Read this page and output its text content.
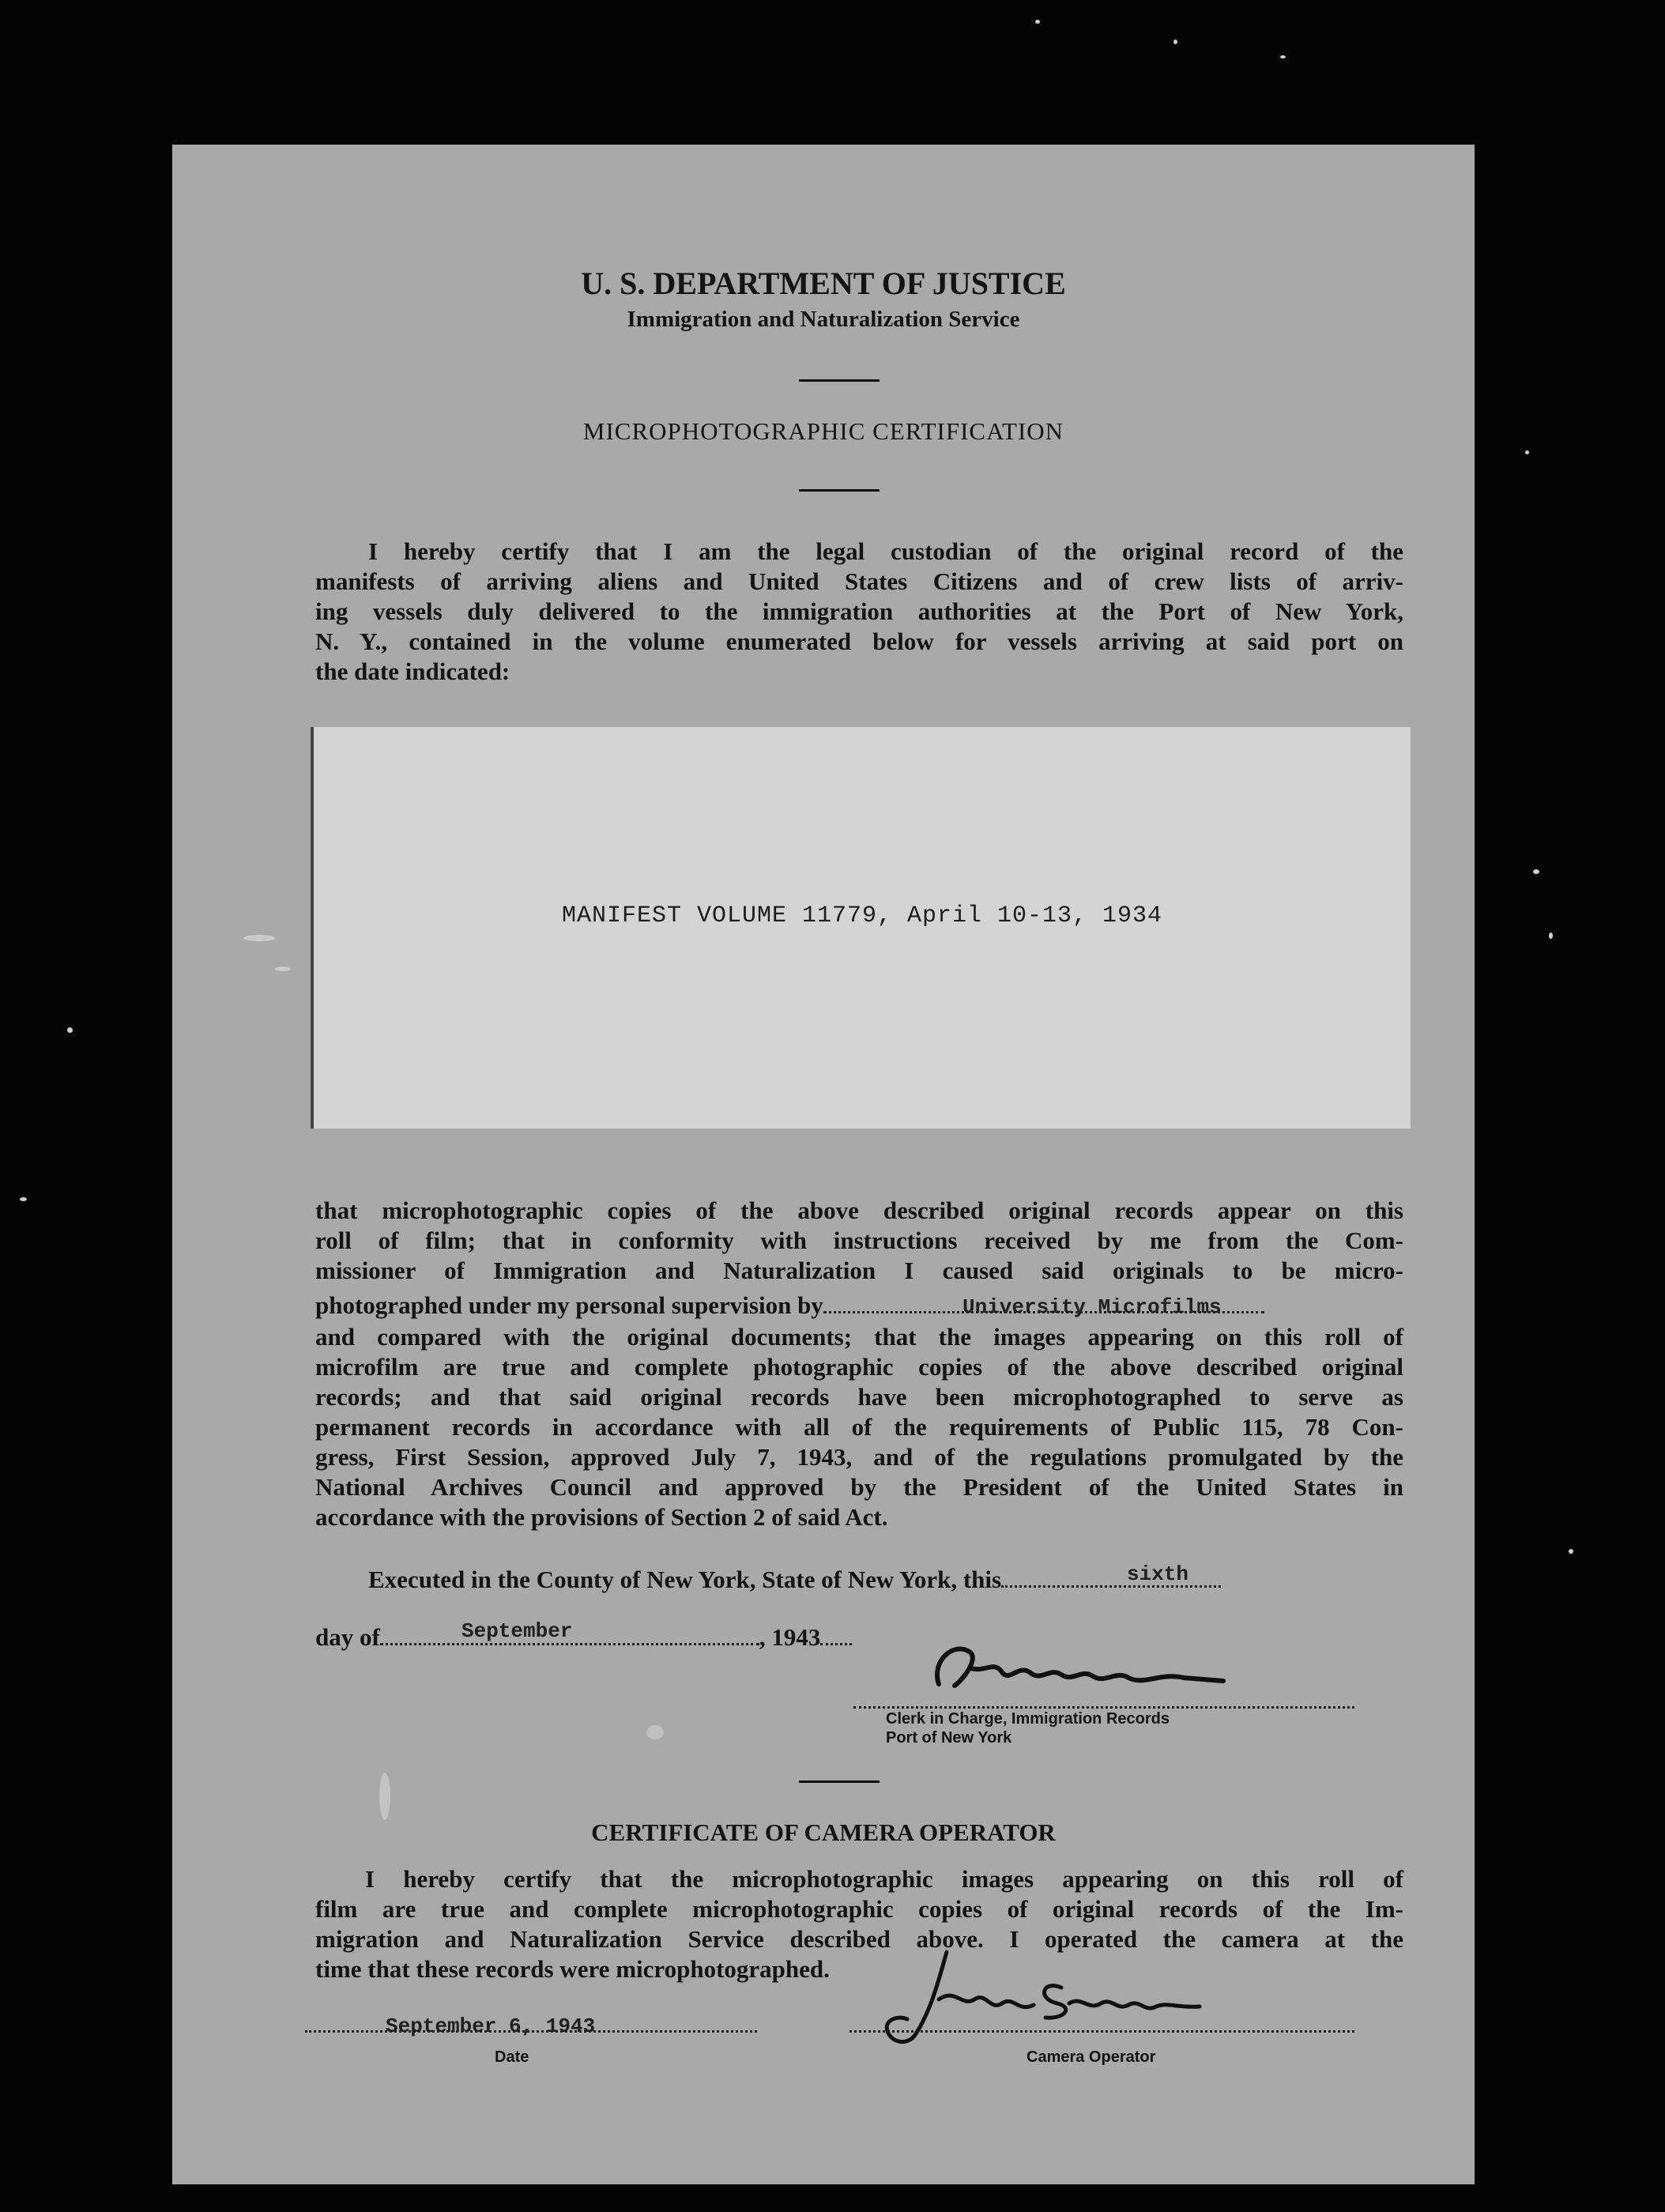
U. S. DEPARTMENT OF JUSTICE
Immigration and Naturalization Service
MICROPHOTOGRAPHIC CERTIFICATION
I hereby certify that I am the legal custodian of the original record of the
manifests of arriving aliens and United States Citizens and of crew lists of arriv-
ing vessels duly delivered to the immigration authorities at the Port of New York,
N. Y., contained in the volume enumerated below for vessels arriving at said port on
the date indicated:
MANIFEST VOLUME 11779, April 10-13, 1934
that microphotographic copies of the above described original records appear on this
roll of film; that in conformity with instructions received by me from the Com-
missioner of Immigration and Naturalization I caused said originals to be micro-
photographed under my personal supervision by	University Microfilms
and compared with the original documents; that the images appearing on this roll of
microfilm are true and complete photographic copies of the above described original
records; and that said original records have been microphotographed to serve as
permanent records in accordance with all of the requirements of Public 115, 78 Con-
gress, First Session, approved July 7, 1943, and of the regulations promulgated by the
National Archives Council and approved by the President of the United States in
accordance with the provisions of Section 2 of said Act.
Executed in the County of New York, State of New York, this	sixth
day of	, 1943
September
Clerk in Charge, Immigration Records
Port of New York
CERTIFICATE OF CAMERA OPERATOR
I hereby certify that the microphotographic images appearing on this roll of
film are true and complete microphotographic copies of original records of the Im-
migration and Naturalization Service described above. I operated the camera at the
time that these records were microphotographed.
September 6, 1943
Date	Camera Operator
